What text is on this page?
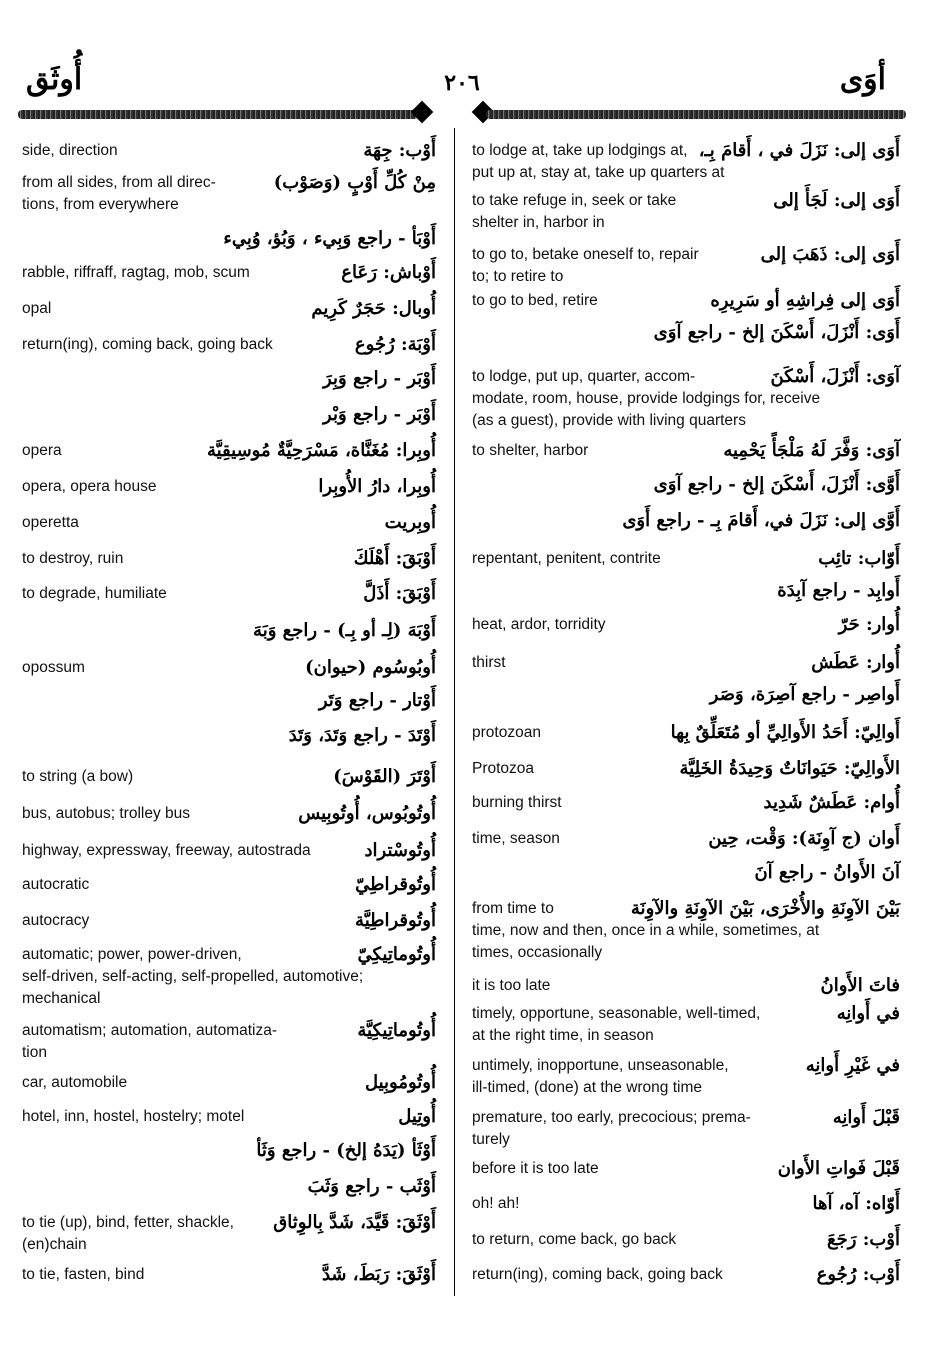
أُوثَق	٢٠٦	أوَى
أَوْب: جِهَة
side, direction
مِنْ كُلِّ أَوْبٍ (وَصَوْب)
from all sides, from all direc-
tions, from everywhere
أَوْبَأ - راجع وَبِيء ، وَبُؤ، وُبِيء
أَوْباش: رَعَاع
rabble, riffraff, ragtag, mob, scum
أُوبال: حَجَرٌ كَرِيم
opal
أَوْبَة: رُجُوع
return(ing), coming back, going back
أَوْبَر - راجع وَبِرَ
أَوْبَر - راجع وَبْر
أُوبِرا: مُغَنَّاة، مَسْرَحِيَّةٌ مُوسِيقِيَّة
opera
أُوبِرا، دارُ الأُوبِرا
opera, opera house
أُوبِريت
operetta
أَوْبَقَ: أَهْلَكَ
to destroy, ruin
أَوْبَقَ: أَذَلَّ
to degrade, humiliate
أَوْبَهَ (لِـ أو بِـ) - راجع وَبَهَ
أُوبُوسُوم (حيوان)
opossum
أَوْتار - راجع وَتَر
أَوْتَدَ - راجع وَتَدَ، وَتَدَ
أَوْتَرَ (القَوْسَ)
to string (a bow)
أُوتُوبُوس، أُوتُوبِيس
bus, autobus; trolley bus
أُوتُوسْتراد
highway, expressway, freeway, autostrada
أُوتُوقراطِيّ
autocratic
أُوتُوقراطِيَّة
autocracy
أُوتُوماتِيكِيّ
automatic; power, power-driven,
self-driven, self-acting, self-propelled, automotive;
mechanical
أُوتُوماتِيكِيَّة
automatism; automation, automatiza-
tion
أُوتُومُوبِيل
car, automobile
أُوتِيل
hotel, inn, hostel, hostelry; motel
أَوْثَأ (يَدَهُ إلخ) - راجع وَثَأ
أَوْثَب - راجع وَثَبَ
أَوْثَقَ: قَيَّدَ، شَدَّ بِالوِثاق
to tie (up), bind, fetter, shackle,
(en)chain
أَوْثَقَ: رَبَطَ، شَدَّ
to tie, fasten, bind
أَوَى إلى: نَزَلَ في ، أَقامَ بِـ،
to lodge at, take up lodgings at,
put up at, stay at, take up quarters at
أَوَى إلى: لَجَأَ إلى
to take refuge in, seek or take
shelter in, harbor in
أَوَى إلى: ذَهَبَ إلى
to go to, betake oneself to, repair
to; to retire to
أَوَى إلى فِراشِهِ أو سَرِيرِه
to go to bed, retire
أَوَى: أَنْزَلَ، أَسْكَنَ إلخ - راجع آوَى
آوَى: أَنْزَلَ، أَسْكَنَ
to lodge, put up, quarter, accom-
modate, room, house, provide lodgings for, receive
(as a guest), provide with living quarters
آوَى: وَفَّرَ لَهُ مَلْجَأً يَحْمِيه
to shelter, harbor
أَوَّى: أَنْزَلَ، أَسْكَنَ إلخ - راجع آوَى
أَوَّى إلى: نَزَلَ في، أَقامَ بِـ - راجع أَوَى
أَوّاب: تائِب
repentant, penitent, contrite
أَوابِد - راجع آبِدَة
أُوار: حَرّ
heat, ardor, torridity
أُوار: عَطَش
thirst
أَواصِر - راجع آصِرَة، وَصَر
أَوالِيّ: أَحَدُ الأَوالِيِّ أو مُتَعَلِّقٌ بِها
protozoan
الأَوالِيّ: حَيَوانَاتٌ وَحِيدَةُ الخَلِيَّة
Protozoa
أُوام: عَطَشٌ شَدِيد
burning thirst
أَوان (ج آوِنَة): وَقْت، حِين
time, season
آنَ الأَوانُ - راجع آنَ
بَيْنَ الآوِنَةِ والأُخْرَى، بَيْنَ الآوِنَةِ والآوِنَة
from time to
time, now and then, once in a while, sometimes, at
times, occasionally
فاتَ الأَوانُ
it is too late
في أَوانِه
timely, opportune, seasonable, well-timed,
at the right time, in season
في غَيْرِ أَوانِه
untimely, inopportune, unseasonable,
ill-timed, (done) at the wrong time
قَبْلَ أَوانِه
premature, too early, precocious; prema-
turely
قَبْلَ فَواتِ الأَوان
before it is too late
أَوّاه: آه، آها
oh! ah!
أَوْب: رَجَعَ
to return, come back, go back
أَوْب: رُجُوع
return(ing), coming back, going back
